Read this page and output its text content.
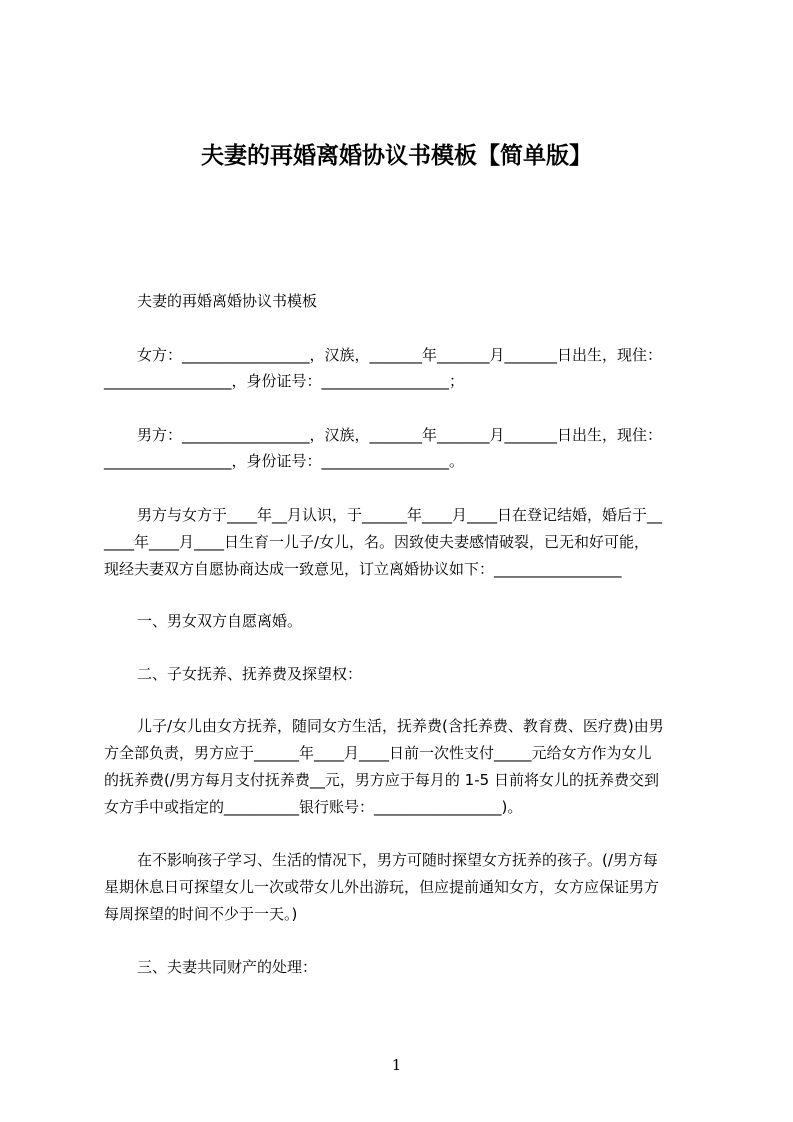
夫妻的再婚离婚协议书模板【简单版】
夫妻的再婚离婚协议书模板
女方：_________________，汉族，_______年_______月_______日出生，现住：
_________________，身份证号：_________________；
男方：_________________，汉族，_______年_______月_______日出生，现住：
_________________，身份证号：_________________。
男方与女方于____年__月认识，于______年____月____日在登记结婚，婚后于__
____年____月____日生育一儿子/女儿，名。因致使夫妻感情破裂，已无和好可能，
现经夫妻双方自愿协商达成一致意见，订立离婚协议如下：_________________
一、男女双方自愿离婚。
二、子女抚养、抚养费及探望权：
儿子/女儿由女方抚养，随同女方生活，抚养费(含托养费、教育费、医疗费)由男
方全部负责，男方应于______年____月____日前一次性支付_____元给女方作为女儿
的抚养费(/男方每月支付抚养费__元，男方应于每月的 1-5 日前将女儿的抚养费交到
女方手中或指定的__________银行账号：_________________)。
在不影响孩子学习、生活的情况下，男方可随时探望女方抚养的孩子。(/男方每
星期休息日可探望女儿一次或带女儿外出游玩，但应提前通知女方，女方应保证男方
每周探望的时间不少于一天。)
三、夫妻共同财产的处理：
1
